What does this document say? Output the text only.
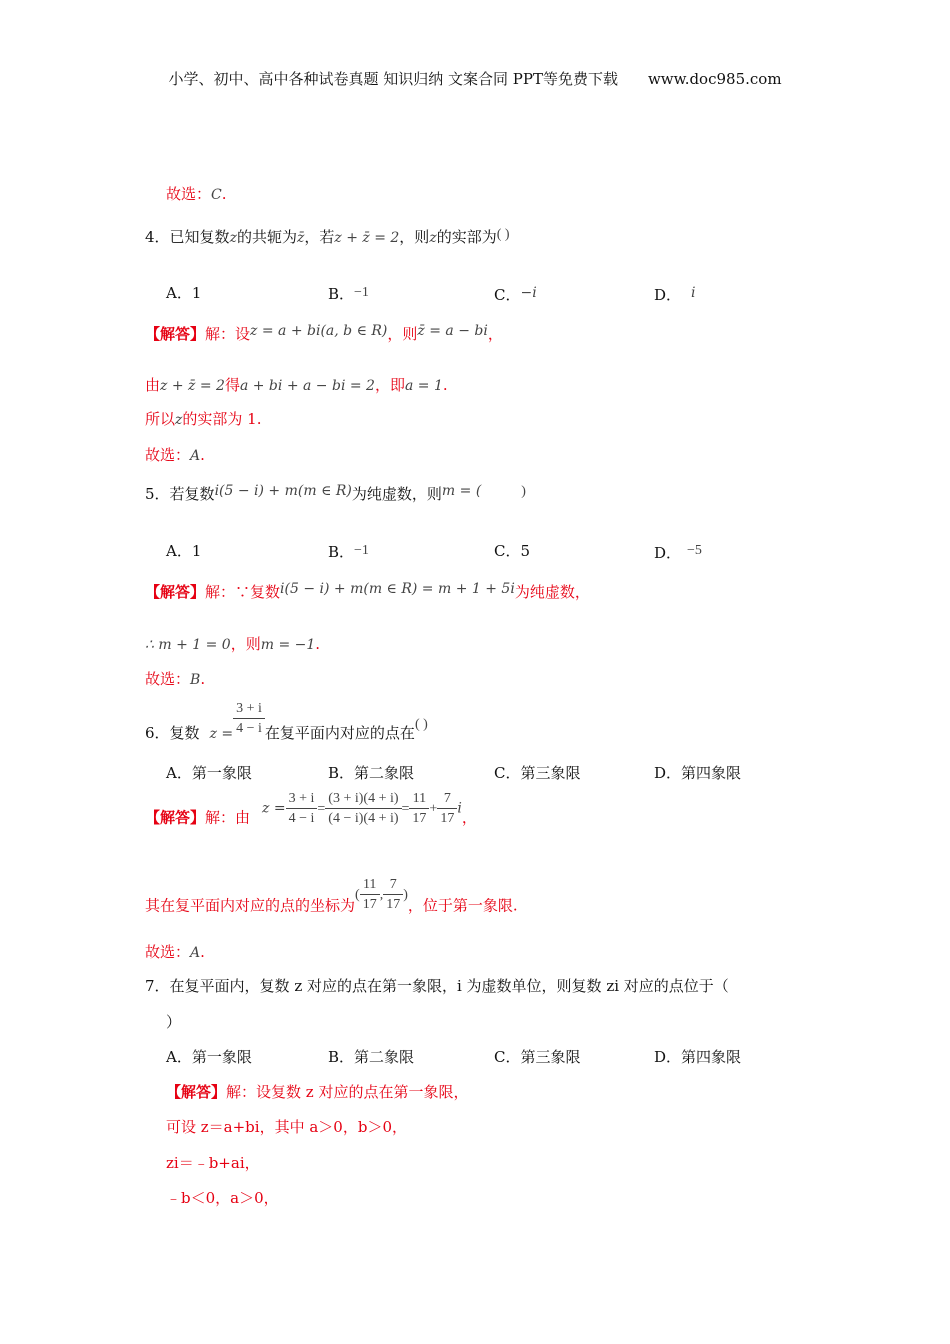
小学、初中、高中各种试卷真题 知识归纳 文案合同 PPT等免费下载 www.doc985.com
故选：C.
4．已知复数z的共轭为z̄，若z + z̄ = 2，则z的实部为( )
A．1	B．−1	C．−i	D． i
【解答】解：设z = a + bi(a, b ∈ R)，则z̄ = a − bi，
由z + z̄ = 2得a + bi + a − bi = 2，即a = 1.
所以z的实部为 1.
故选：A.
5．若复数i(5 − i) + m(m ∈ R)为纯虚数，则m = (	)
A．1	B．−1	C．5	D． −5
【解答】解：∵复数i(5 − i) + m(m ∈ R) = m + 1 + 5i为纯虚数，
∴ m + 1 = 0，则m = −1.
故选：B.
6．复数 $z = \frac{3 + i}{4 - i}$ 在复平面内对应的点在( )
A．第一象限	B．第二象限	C．第三象限	D．第四象限
【解答】解：由 $z = \frac{3 + i}{4 - i} = \frac{(3 + i)(4 + i)}{(4 - i)(4 + i)} = \frac{11}{17} + \frac{7}{17}$ i，
其在复平面内对应的点的坐标为( $\frac{11}{17}$ , $\frac{7}{17}$ )，位于第一象限.
故选：A.
7．在复平面内，复数 z 对应的点在第一象限，i 为虚数单位，则复数 zi 对应的点位于（
）
A．第一象限	B．第二象限	C．第三象限	D．第四象限
【解答】解：设复数 z 对应的点在第一象限，
可设 z＝a+bi，其中 a＞0，b＞0，
zi＝﹣b+ai，
﹣b＜0，a＞0，
